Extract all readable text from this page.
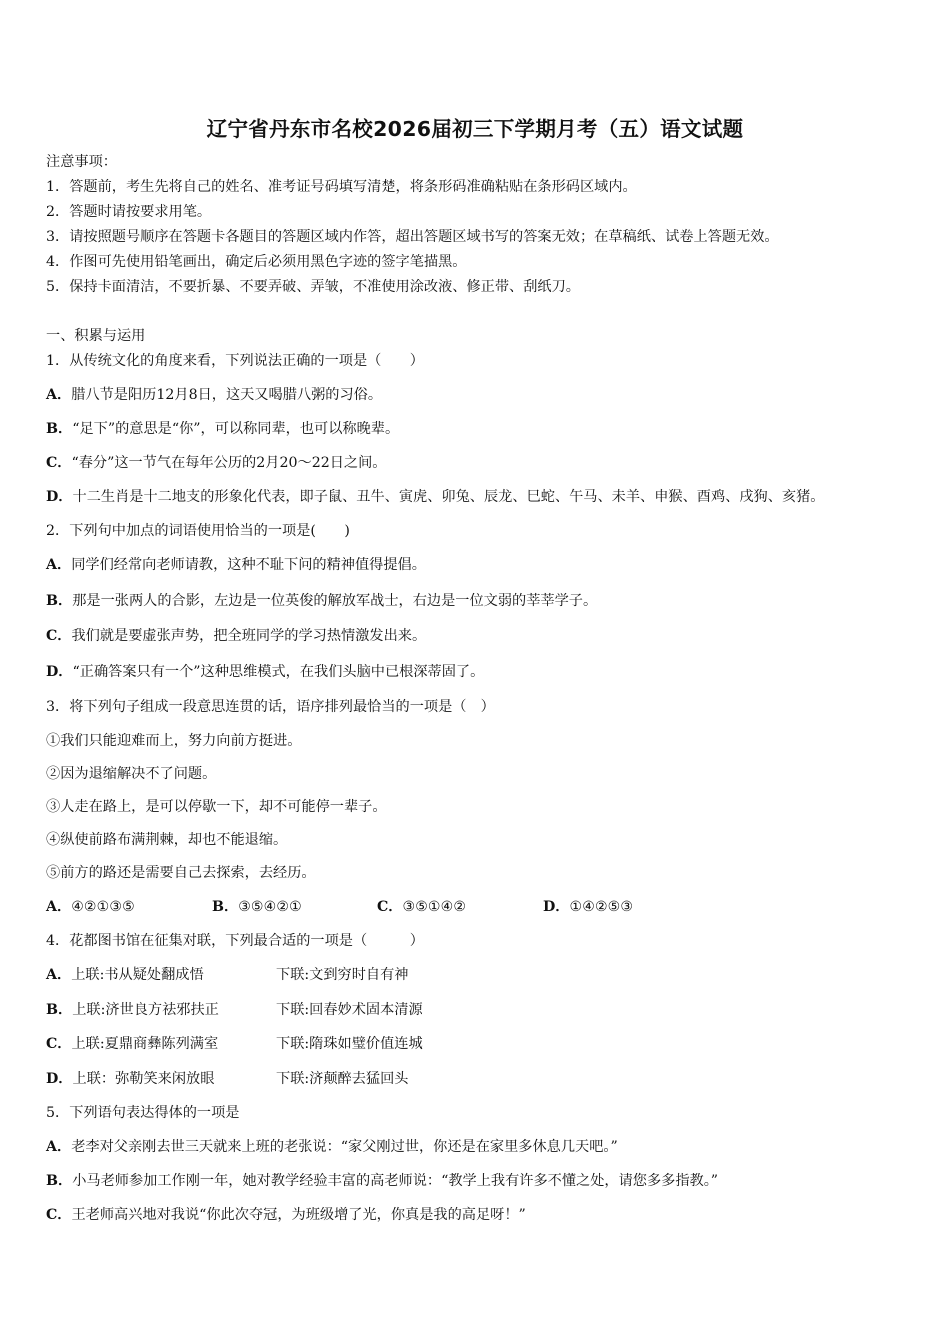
辽宁省丹东市名校2026届初三下学期月考（五）语文试题
注意事项：
1．答题前，考生先将自己的姓名、准考证号码填写清楚，将条形码准确粘贴在条形码区域内。
2．答题时请按要求用笔。
3．请按照题号顺序在答题卡各题目的答题区域内作答，超出答题区域书写的答案无效；在草稿纸、试卷上答题无效。
4．作图可先使用铅笔画出，确定后必须用黑色字迹的签字笔描黑。
5．保持卡面清洁，不要折暴、不要弄破、弄皱，不准使用涂改液、修正带、刮纸刀。
一、积累与运用
1．从传统文化的角度来看，下列说法正确的一项是（　　）
A．腊八节是阳历12月8日，这天又喝腊八粥的习俗。
B．“足下”的意思是“你”，可以称同辈，也可以称晚辈。
C．“春分”这一节气在每年公历的2月20～22日之间。
D．十二生肖是十二地支的形象化代表，即子鼠、丑牛、寅虎、卯兔、辰龙、巳蛇、午马、未羊、申猴、酉鸡、戌狗、亥猪。
2．下列句中加点的词语使用恰当的一项是(　　)
A．同学们经常向老师请教，这种不耻下问的精神值得提倡。
B．那是一张两人的合影，左边是一位英俊的解放军战士，右边是一位文弱的莘莘学子。
C．我们就是要虚张声势，把全班同学的学习热情激发出来。
D．“正确答案只有一个”这种思维模式，在我们头脑中已根深蒂固了。
3．将下列句子组成一段意思连贯的话，语序排列最恰当的一项是（　）
①我们只能迎难而上，努力向前方挺进。
②因为退缩解决不了问题。
③人走在路上，是可以停歇一下，却不可能停一辈子。
④纵使前路布满荆棘，却也不能退缩。
⑤前方的路还是需要自己去探索，去经历。
A．④②①③⑤	B．③⑤④②①	C．③⑤①④②	D．①④②⑤③
4．花都图书馆在征集对联，下列最合适的一项是（　　　）
A．上联:书从疑处翻成悟	下联:文到穷时自有神
B．上联:济世良方祛邪扶正	下联:回春妙术固本清源
C．上联:夏鼎商彝陈列满室	下联:隋珠如璧价值连城
D．上联：弥勒笑来闲放眼	下联:济颠醉去猛回头
5．下列语句表达得体的一项是
A．老李对父亲刚去世三天就来上班的老张说：“家父刚过世，你还是在家里多休息几天吧。”
B．小马老师参加工作刚一年，她对教学经验丰富的高老师说：“教学上我有许多不懂之处，请您多多指教。”
C．王老师高兴地对我说“你此次夺冠，为班级增了光，你真是我的高足呀！”
